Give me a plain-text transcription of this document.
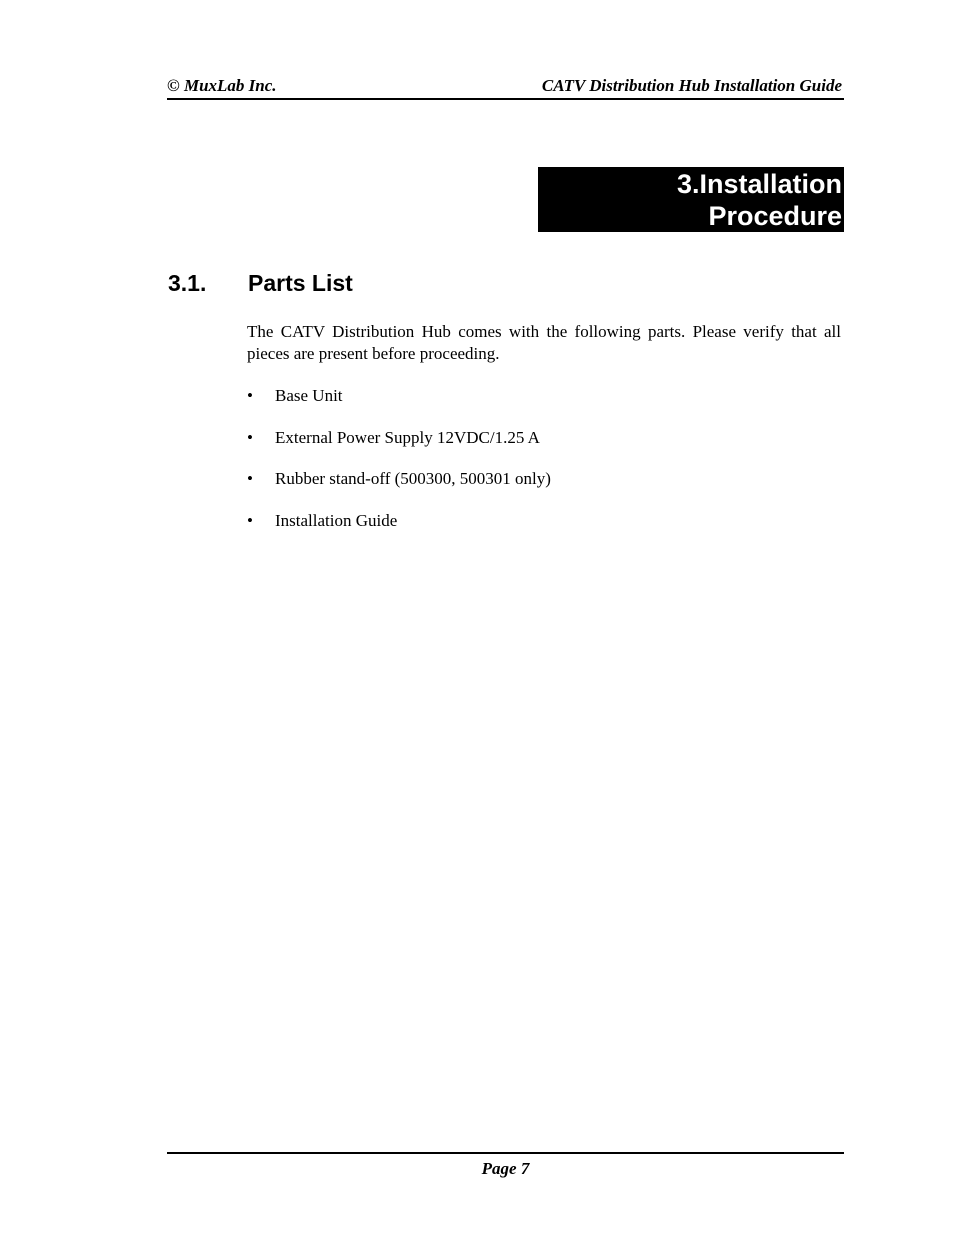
© MuxLab Inc.	CATV Distribution Hub Installation Guide
3.Installation
Procedure
3.1. Parts List

The CATV Distribution Hub comes with the following parts. Please verify that all pieces are present before proceeding.

•	Base Unit
•	External Power Supply 12VDC/1.25 A
•	Rubber stand-off (500300, 500301 only)
•	Installation Guide
Page 7
